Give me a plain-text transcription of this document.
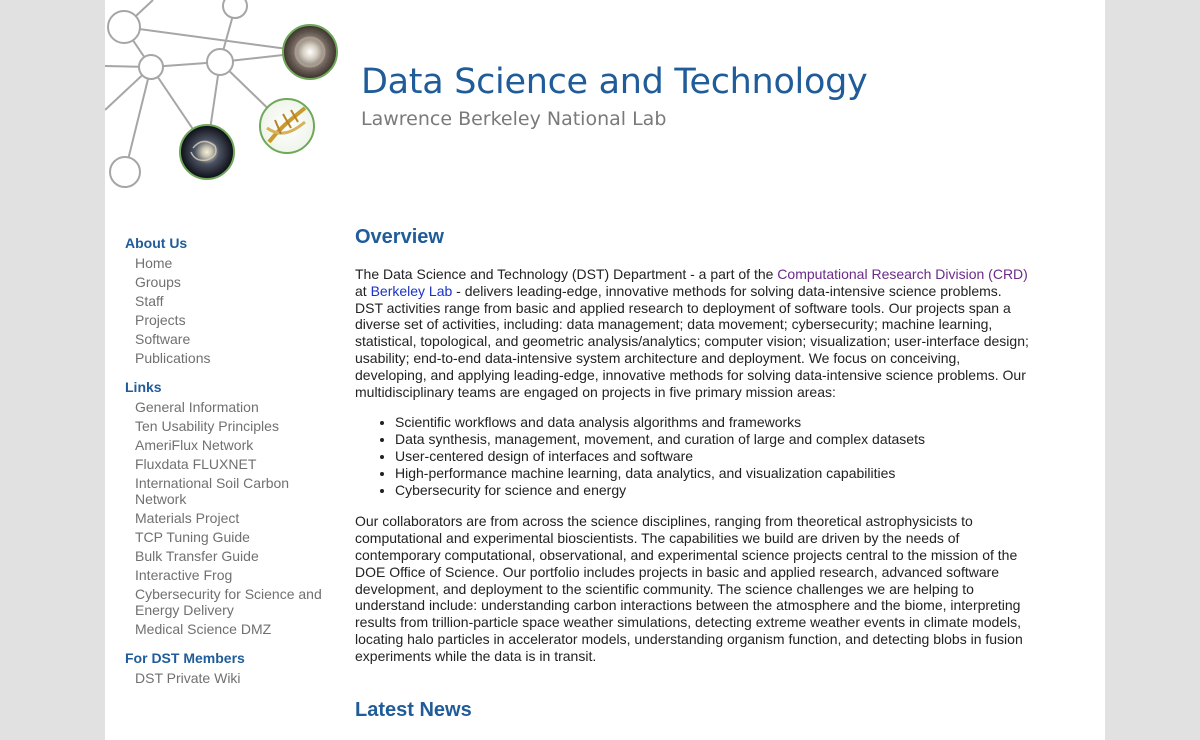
Data Science and Technology
Lawrence Berkeley National Lab
About Us
Home
Groups
Staff
Projects
Software
Publications
Links
General Information
Ten Usability Principles
AmeriFlux Network
Fluxdata FLUXNET
International Soil Carbon Network
Materials Project
TCP Tuning Guide
Bulk Transfer Guide
Interactive Frog
Cybersecurity for Science and Energy Delivery
Medical Science DMZ
For DST Members
DST Private Wiki
Overview

The Data Science and Technology (DST) Department - a part of the Computational Research Division (CRD) at Berkeley Lab - delivers leading-edge, innovative methods for solving data-intensive science problems. DST activities range from basic and applied research to deployment of software tools. Our projects span a diverse set of activities, including: data management; data movement; cybersecurity; machine learning, statistical, topological, and geometric analysis/analytics; computer vision; visualization; user-interface design; usability; end-to-end data-intensive system architecture and deployment. We focus on conceiving, developing, and applying leading-edge, innovative methods for solving data-intensive science problems. Our multidisciplinary teams are engaged on projects in five primary mission areas:

• Scientific workflows and data analysis algorithms and frameworks
• Data synthesis, management, movement, and curation of large and complex datasets
• User-centered design of interfaces and software
• High-performance machine learning, data analytics, and visualization capabilities
• Cybersecurity for science and energy

Our collaborators are from across the science disciplines, ranging from theoretical astrophysicists to computational and experimental bioscientists. The capabilities we build are driven by the needs of contemporary computational, observational, and experimental science projects central to the mission of the DOE Office of Science. Our portfolio includes projects in basic and applied research, advanced software development, and deployment to the scientific community. The science challenges we are helping to understand include: understanding carbon interactions between the atmosphere and the biome, interpreting results from trillion-particle space weather simulations, detecting extreme weather events in climate models, locating halo particles in accelerator models, understanding organism function, and detecting blobs in fusion experiments while the data is in transit.

Latest News
